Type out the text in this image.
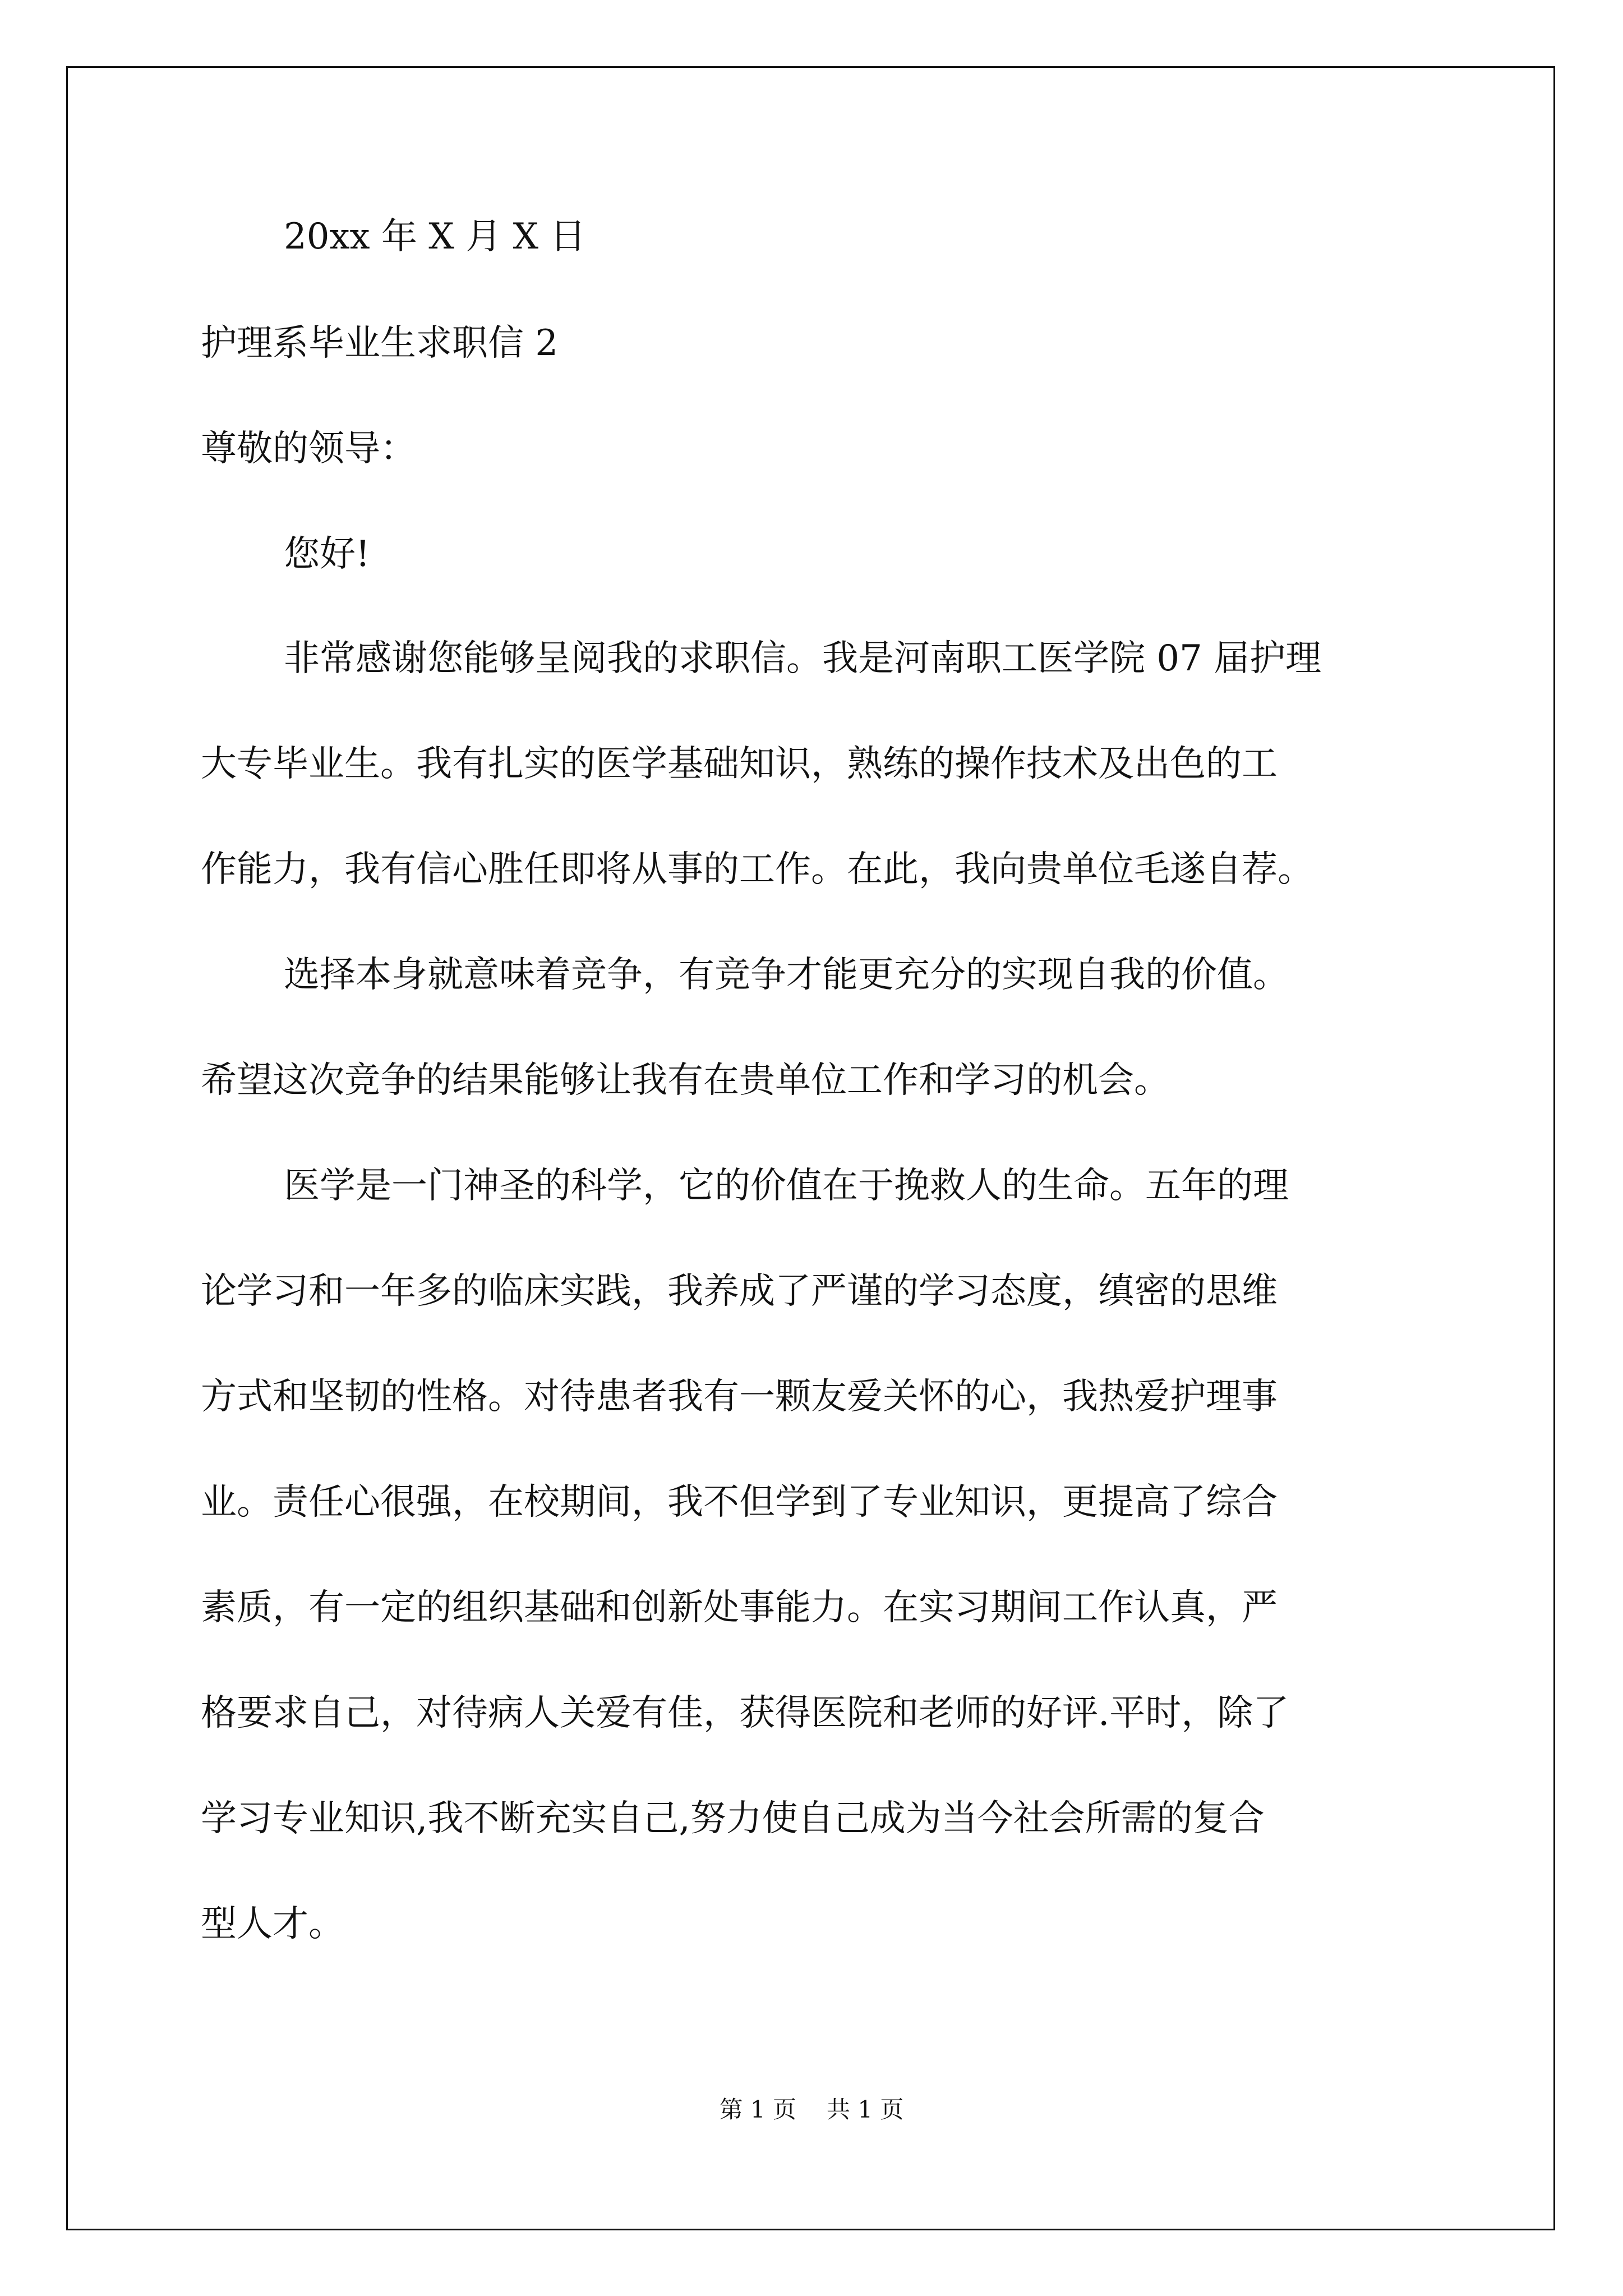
20xx 年 X 月 X 日
护理系毕业生求职信 2
尊敬的领导：
您好!
非常感谢您能够呈阅我的求职信。我是河南职工医学院 07 届护理
大专毕业生。我有扎实的医学基础知识，熟练的操作技术及出色的工
作能力，我有信心胜任即将从事的工作。在此，我向贵单位毛遂自荐。
选择本身就意味着竞争，有竞争才能更充分的实现自我的价值。
希望这次竞争的结果能够让我有在贵单位工作和学习的机会。
医学是一门神圣的科学，它的价值在于挽救人的生命。五年的理
论学习和一年多的临床实践，我养成了严谨的学习态度，缜密的思维
方式和坚韧的性格。对待患者我有一颗友爱关怀的心，我热爱护理事
业。责任心很强，在校期间，我不但学到了专业知识，更提高了综合
素质，有一定的组织基础和创新处事能力。在实习期间工作认真，严
格要求自己，对待病人关爱有佳，获得医院和老师的好评.平时，除了
学习专业知识,我不断充实自己,努力使自己成为当今社会所需的复合
型人才。
第 1 页 共 1 页
